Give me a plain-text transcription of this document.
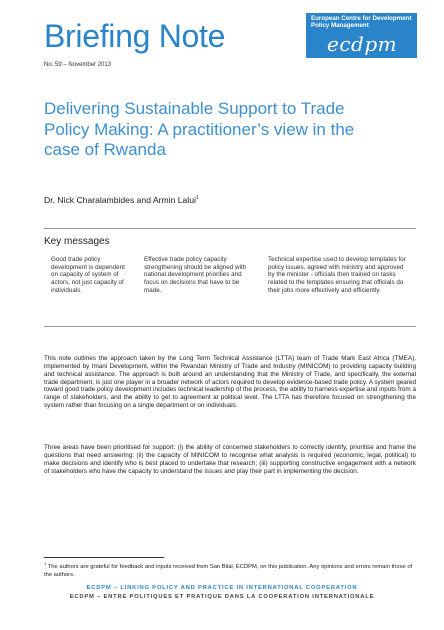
Briefing Note
No. 59 – November 2013
European Centre for Development Policy Management
ecdpm
Delivering Sustainable Support to Trade Policy Making: A practitioner’s view in the case of Rwanda
Dr. Nick Charalambides and Armin Lalui$^1$
Key messages
Good trade policy development is dependent on capacity of system of actors, not just capacity of individuals.
Effective trade policy capacity strengthening should be aligned with national development priorities and focus on decisions that have to be made.
Technical expertise used to develop templates for policy issues, agreed with ministry and approved by the minister - officials then trained on tasks related to the templates ensuring that officials do their jobs more effectively and efficiently.
This note outlines the approach taken by the Long Term Technical Assistance (LTTA) team of Trade Mark East Africa (TMEA), implemented by Imani Development, within the Rwandan Ministry of Trade and Industry (MINICOM) to providing capacity building and technical assistance. The approach is built around an understanding that the Ministry of Trade, and specifically, the external trade department, is just one player in a broader network of actors required to develop evidence-based trade policy. A system geared toward good trade policy development includes technical leadership of the process, the ability to harness expertise and inputs from a range of stakeholders, and the ability to get to agreement at political level. The LTTA has therefore focused on strengthening the system rather than focusing on a single department or on individuals.
Three areas have been prioritised for support: (i) the ability of concerned stakeholders to correctly identify, prioritise and frame the questions that need answering; (ii) the capacity of MINICOM to recognise what analysis is required (economic, legal, political) to make decisions and identify who is best placed to undertake that research; (iii) supporting constructive engagement with a network of stakeholders who have the capacity to understand the issues and play their part in implementing the decision.
$^1$ The authors are grateful for feedback and inputs received from San Bilal, ECDPM, on this publication. Any opinions and errors remain those of the authors.
ECDPM – LINKING POLICY AND PRACTICE IN INTERNATIONAL COOPERATION
ECDPM – ENTRE POLITIQUES ET PRATIQUE DANS LA COOPERATION INTERNATIONALE
